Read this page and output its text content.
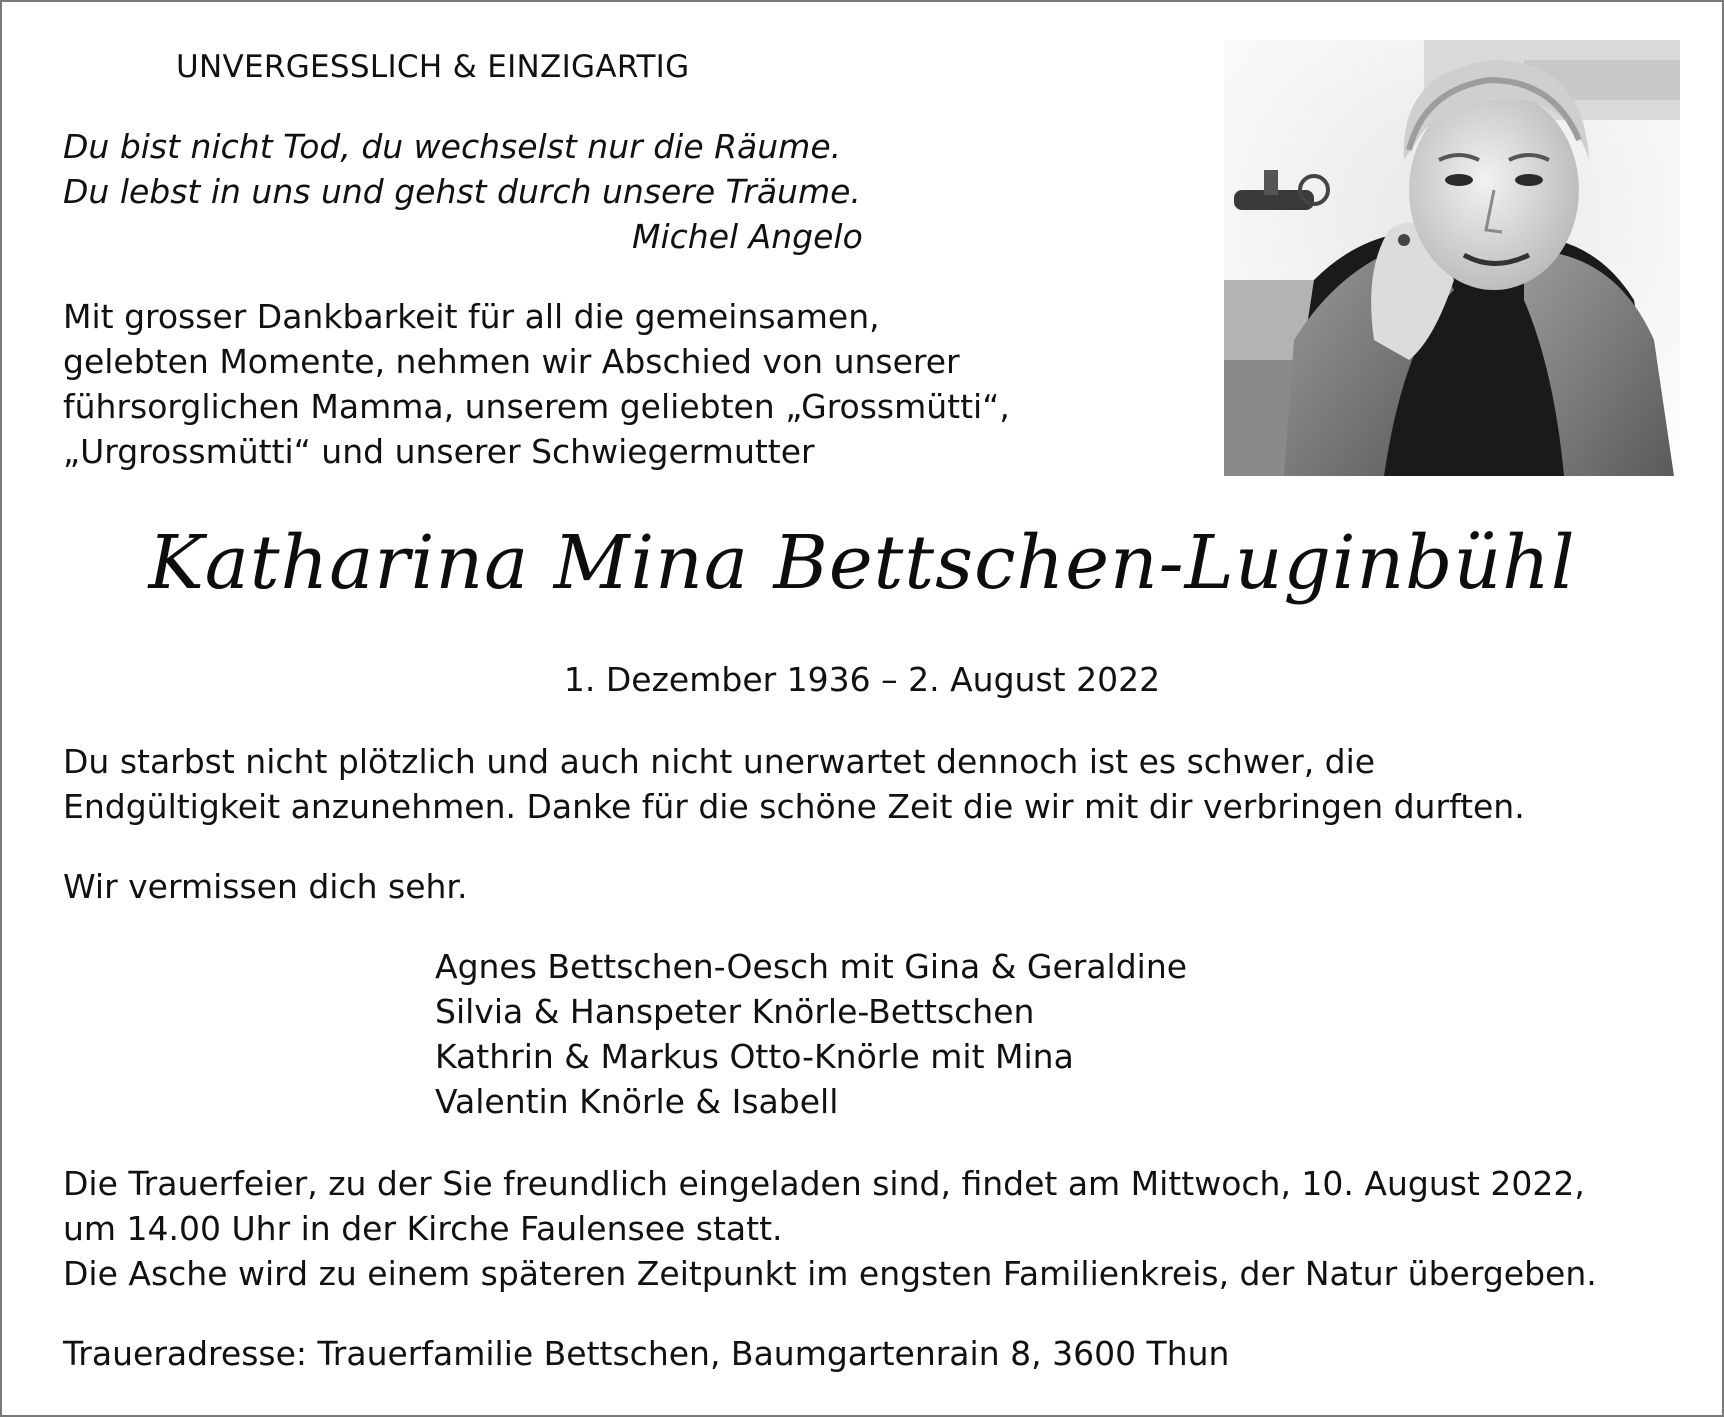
UNVERGESSLICH & EINZIGARTIG
Du bist nicht Tod, du wechselst nur die Räume.
Du lebst in uns und gehst durch unsere Träume.
Michel Angelo
Mit grosser Dankbarkeit für all die gemeinsamen,
gelebten Momente, nehmen wir Abschied von unserer
führsorglichen Mamma, unserem geliebten „Grossmütti“,
„Urgrossmütti“ und unserer Schwiegermutter
Katharina Mina Bettschen-Luginbühl
1. Dezember 1936 – 2. August 2022
Du starbst nicht plötzlich und auch nicht unerwartet dennoch ist es schwer, die
Endgültigkeit anzunehmen. Danke für die schöne Zeit die wir mit dir verbringen durften.
Wir vermissen dich sehr.
Agnes Bettschen-Oesch mit Gina & Geraldine
Silvia & Hanspeter Knörle-Bettschen
Kathrin & Markus Otto-Knörle mit Mina
Valentin Knörle & Isabell
Die Trauerfeier, zu der Sie freundlich eingeladen sind, findet am Mittwoch, 10. August 2022,
um 14.00 Uhr in der Kirche Faulensee statt.
Die Asche wird zu einem späteren Zeitpunkt im engsten Familienkreis, der Natur übergeben.
Traueradresse: Trauerfamilie Bettschen, Baumgartenrain 8, 3600 Thun
